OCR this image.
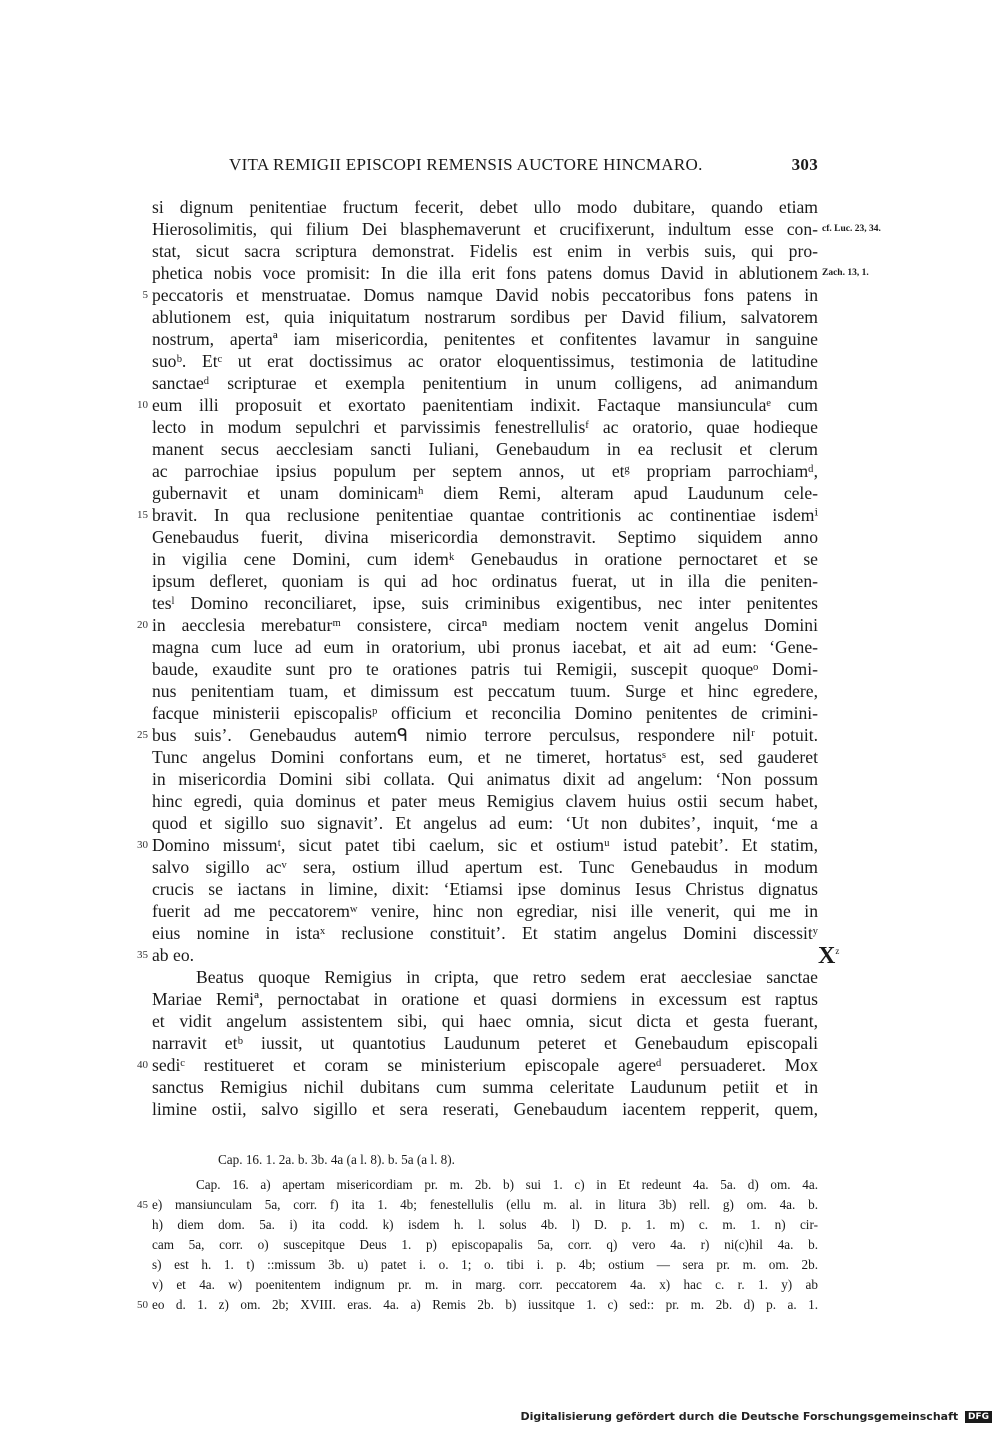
VITA REMIGII EPISCOPI REMENSIS AUCTORE HINCMARO.	303
si dignum penitentiae fructum fecerit, debet ullo modo dubitare, quando etiam
Hierosolimitis, qui filium Dei blasphemaverunt et crucifixerunt, indultum esse con-
stat, sicut sacra scriptura demonstrat. Fidelis est enim in verbis suis, qui pro-
phetica nobis voce promisit: In die illa erit fons patens domus David in ablutionem
peccatoris et menstruatae. Domus namque David nobis peccatoribus fons patens in
ablutionem est, quia iniquitatum nostrarum sordibus per David filium, salvatorem
nostrum, apertaª iam misericordia, penitentes et confitentes lavamur in sanguine
suoᵇ. Etᶜ ut erat doctissimus ac orator eloquentissimus, testimonia de latitudine
sanctaeᵈ scripturae et exempla penitentium in unum colligens, ad animandum
eum illi proposuit et exortato paenitentiam indixit. Factaque mansiunculaᵉ cum
lecto in modum sepulchri et parvissimis fenestrellulisᶠ ac oratorio, quae hodieque
manent secus aecclesiam sancti Iuliani, Genebaudum in ea reclusit et clerum
ac parrochiae ipsius populum per septem annos, ut etᵍ propriam parrochiamᵈ,
gubernavit et unam dominicamʰ diem Remi, alteram apud Laudunum cele-
bravit. In qua reclusione penitentiae quantae contritionis ac continentiae isdemⁱ
Genebaudus fuerit, divina misericordia demonstravit. Septimo siquidem anno
in vigilia cene Domini, cum idemᵏ Genebaudus in oratione pernoctaret et se
ipsum defleret, quoniam is qui ad hoc ordinatus fuerat, ut in illa die peniten-
tesˡ Domino reconciliaret, ipse, suis criminibus exigentibus, nec inter penitentes
in aecclesia merebaturᵐ consistere, circaⁿ mediam noctem venit angelus Domini
magna cum luce ad eum in oratorium, ubi pronus iacebat, et ait ad eum: ‘Gene-
baude, exaudite sunt pro te orationes patris tui Remigii, suscepit quoqueᵒ Domi-
nus penitentiam tuam, et dimissum est peccatum tuum. Surge et hinc egredere,
facque ministerii episcopalisᵖ officium et reconcilia Domino penitentes de crimini-
bus suis’. Genebaudus autemᑫ nimio terrore perculsus, respondere nilʳ potuit.
Tunc angelus Domini confortans eum, et ne timeret, hortatusˢ est, sed gauderet
in misericordia Domini sibi collata. Qui animatus dixit ad angelum: ‘Non possum
hinc egredi, quia dominus et pater meus Remigius clavem huius ostii secum habet,
quod et sigillo suo signavit’. Et angelus ad eum: ‘Ut non dubites’, inquit, ‘me a
Domino missumᵗ, sicut patet tibi caelum, sic et ostiumᵘ istud patebit’. Et statim,
salvo sigillo acᵛ sera, ostium illud apertum est. Tunc Genebaudus in modum
crucis se iactans in limine, dixit: ‘Etiamsi ipse dominus Iesus Christus dignatus
fuerit ad me peccatoremʷ venire, hinc non egrediar, nisi ille venerit, qui me in
eius nomine in istaˣ reclusione constituit’. Et statim angelus Domini discessitʸ
ab eo.
Beatus quoque Remigius in cripta, que retro sedem erat aecclesiae sanctae
Mariae Remiª, pernoctabat in oratione et quasi dormiens in excessum est raptus
et vidit angelum assistentem sibi, qui haec omnia, sicut dicta et gesta fuerant,
narravit etᵇ iussit, ut quantotius Laudunum peteret et Genebaudum episcopali
sediᶜ restitueret et coram se ministerium episcopale agereᵈ persuaderet. Mox
sanctus Remigius nichil dubitans cum summa celeritate Laudunum petiit et in
limine ostii, salvo sigillo et sera reserati, Genebaudum iacentem repperit, quem,
5
10
15
20
25
30
35
40
cf. Luc. 23, 34.
Zach. 13, 1.
$X^z$
Cap. 16. 1. 2a. b. 3b. 4a (a l. 8). b. 5a (a l. 8).
Cap. 16. a) apertam misericordiam pr. m. 2b. b) sui 1. c) in Et redeunt 4a. 5a. d) om. 4a.
e) mansiunculam 5a, corr. f) ita 1. 4b; fenestellulis (ellu m. al. in litura 3b) rell. g) om. 4a. b.
h) diem dom. 5a. i) ita codd. k) isdem h. l. solus 4b. l) D. p. 1. m) c. m. 1. n) cir-
cam 5a, corr. o) suscepitque Deus 1. p) episcopapalis 5a, corr. q) vero 4a. r) ni(c)hil 4a. b.
s) est h. 1. t) ::missum 3b. u) patet i. o. 1; o. tibi i. p. 4b; ostium — sera pr. m. om. 2b.
v) et 4a. w) poenitentem indignum pr. m. in marg. corr. peccatorem 4a. x) hac c. r. 1. y) ab
eo d. 1. z) om. 2b; XVIII. eras. 4a. a) Remis 2b. b) iussitque 1. c) sed:: pr. m. 2b. d) p. a. 1.
45
50
Digitalisierung gefördert durch die Deutsche Forschungsgemeinschaft DFG
